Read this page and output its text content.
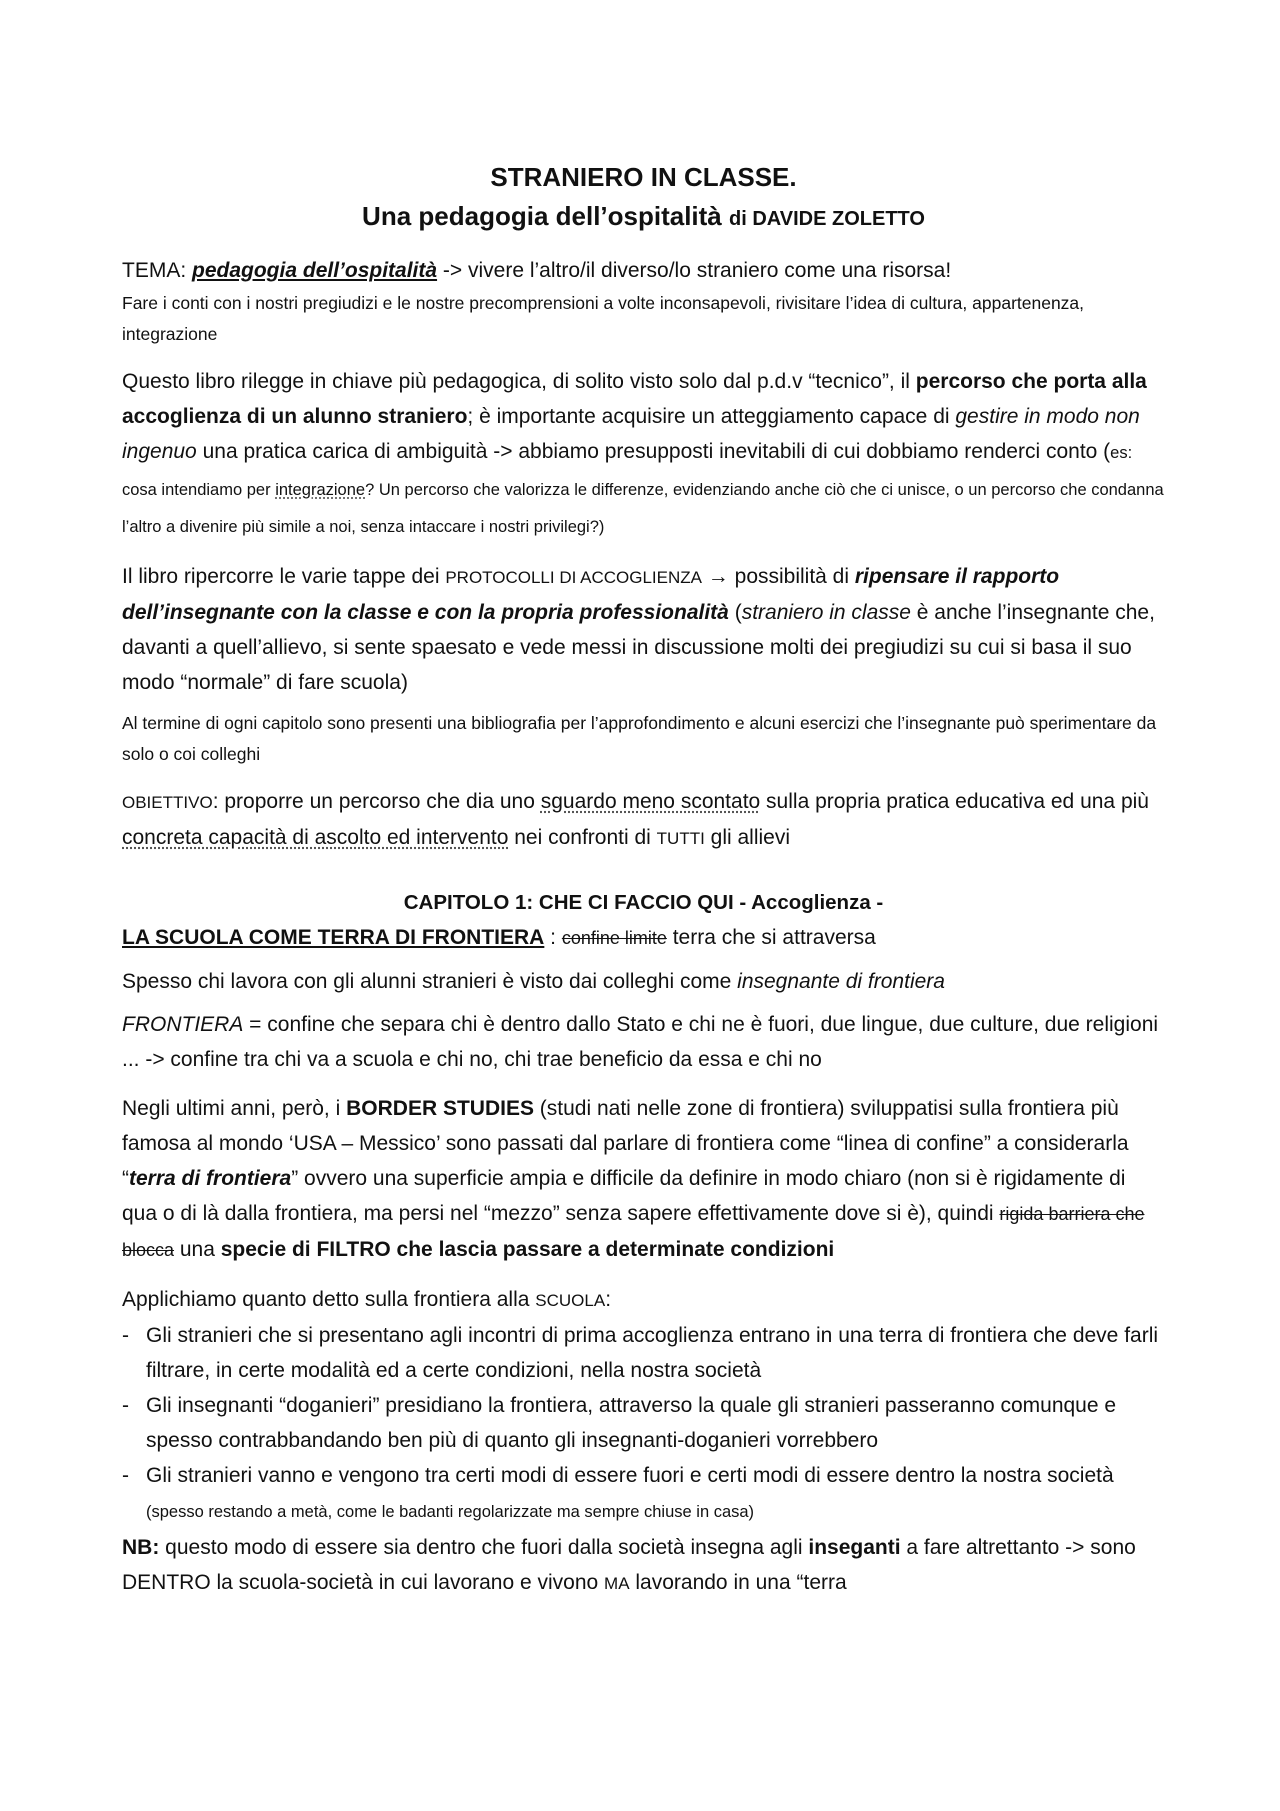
STRANIERO IN CLASSE.

Una pedagogia dell’ospitalità di DAVIDE ZOLETTO

TEMA: pedagogia dell’ospitalità -> vivere l’altro/il diverso/lo straniero come una risorsa!

Fare i conti con i nostri pregiudizi e le nostre precomprensioni a volte inconsapevoli, rivisitare l’idea di cultura, appartenenza, integrazione

Questo libro rilegge in chiave più pedagogica, di solito visto solo dal p.d.v “tecnico”, il percorso che porta alla accoglienza di un alunno straniero; è importante acquisire un atteggiamento capace di gestire in modo non ingenuo una pratica carica di ambiguità -> abbiamo presupposti inevitabili di cui dobbiamo renderci conto (es: cosa intendiamo per integrazione? Un percorso che valorizza le differenze, evidenziando anche ciò che ci unisce, o un percorso che condanna l’altro a divenire più simile a noi, senza intaccare i nostri privilegi?)

Il libro ripercorre le varie tappe dei PROTOCOLLI DI ACCOGLIENZA → possibilità di ripensare il rapporto dell’insegnante con la classe e con la propria professionalità (straniero in classe è anche l’insegnante che, davanti a quell’allievo, si sente spaesato e vede messi in discussione molti dei pregiudizi su cui si basa il suo modo “normale” di fare scuola)

Al termine di ogni capitolo sono presenti una bibliografia per l’approfondimento e alcuni esercizi che l’insegnante può sperimentare da solo o coi colleghi

OBIETTIVO: proporre un percorso che dia uno sguardo meno scontato sulla propria pratica educativa ed una più concreta capacità di ascolto ed intervento nei confronti di TUTTI gli allievi

CAPITOLO 1: CHE CI FACCIO QUI - Accoglienza -

LA SCUOLA COME TERRA DI FRONTIERA : confine limite terra che si attraversa

Spesso chi lavora con gli alunni stranieri è visto dai colleghi come insegnante di frontiera

FRONTIERA = confine che separa chi è dentro dallo Stato e chi ne è fuori, due lingue, due culture, due religioni ... -> confine tra chi va a scuola e chi no, chi trae beneficio da essa e chi no

Negli ultimi anni, però, i BORDER STUDIES (studi nati nelle zone di frontiera) sviluppatisi sulla frontiera più famosa al mondo ‘USA – Messico’ sono passati dal parlare di frontiera come “linea di confine” a considerarla “terra di frontiera” ovvero una superficie ampia e difficile da definire in modo chiaro (non si è rigidamente di qua o di là dalla frontiera, ma persi nel “mezzo” senza sapere effettivamente dove si è), quindi rigida barriera che blocca una specie di FILTRO che lascia passare a determinate condizioni

Applichiamo quanto detto sulla frontiera alla SCUOLA:

- Gli stranieri che si presentano agli incontri di prima accoglienza entrano in una terra di frontiera che deve farli filtrare, in certe modalità ed a certe condizioni, nella nostra società
- Gli insegnanti “doganieri” presidiano la frontiera, attraverso la quale gli stranieri passeranno comunque e spesso contrabbandando ben più di quanto gli insegnanti-doganieri vorrebbero
- Gli stranieri vanno e vengono tra certi modi di essere fuori e certi modi di essere dentro la nostra società (spesso restando a metà, come le badanti regolarizzate ma sempre chiuse in casa)

NB: questo modo di essere sia dentro che fuori dalla società insegna agli inseganti a fare altrettanto -> sono DENTRO la scuola-società in cui lavorano e vivono MA lavorando in una “terra
